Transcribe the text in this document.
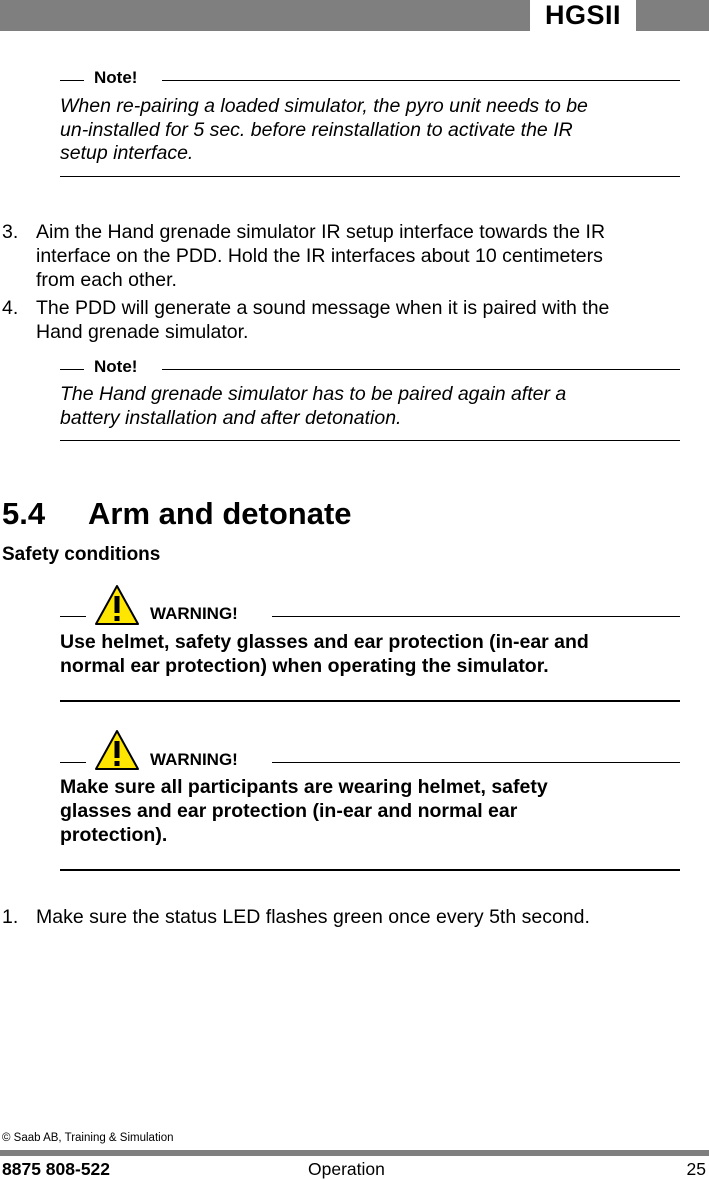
HGSII
Note!
When re-pairing a loaded simulator, the pyro unit needs to be
un-installed for 5 sec. before reinstallation to activate the IR
setup interface.
3. Aim the Hand grenade simulator IR setup interface towards the IR
interface on the PDD. Hold the IR interfaces about 10 centimeters
from each other.
4. The PDD will generate a sound message when it is paired with the
Hand grenade simulator.
Note!
The Hand grenade simulator has to be paired again after a
battery installation and after detonation.
5.4 Arm and detonate
Safety conditions
WARNING!
Use helmet, safety glasses and ear protection (in-ear and
normal ear protection) when operating the simulator.
WARNING!
Make sure all participants are wearing helmet, safety
glasses and ear protection (in-ear and normal ear
protection).
1. Make sure the status LED flashes green once every 5th second.
© Saab AB, Training & Simulation
8875 808-522	Operation	25
